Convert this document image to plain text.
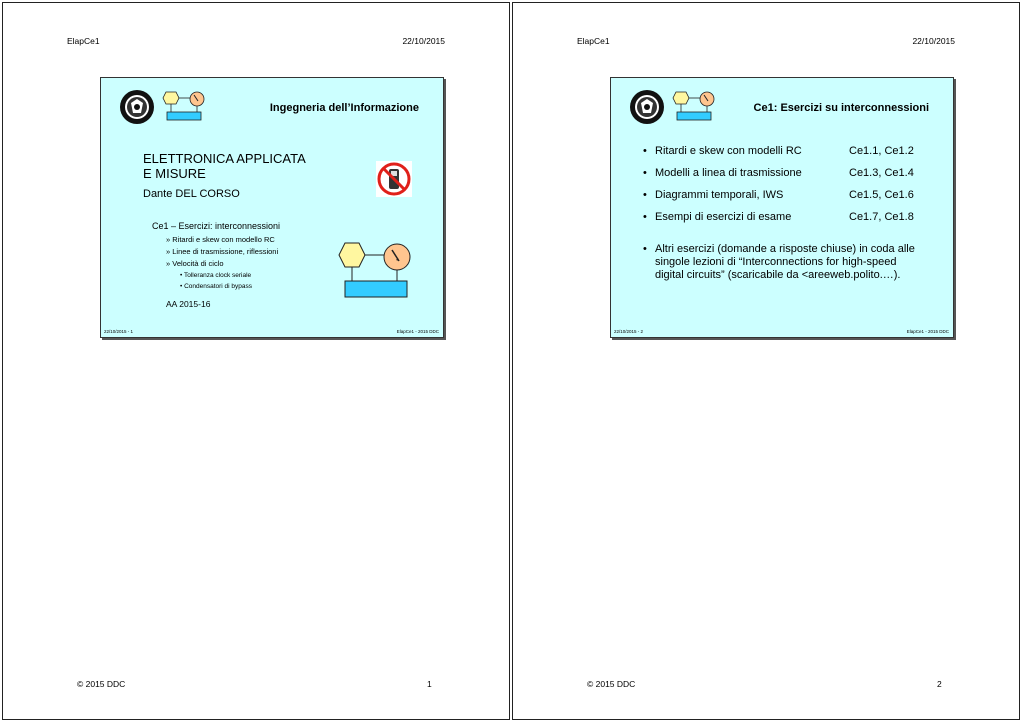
ElapCe1	22/10/2015
Ingegneria dell’Informazione
ELETTRONICA APPLICATA
E MISURE
Dante DEL CORSO
Ce1 – Esercizi: interconnessioni
» Ritardi e skew con modello RC
» Linee di trasmissione, riflessioni
» Velocità di ciclo
• Tolleranza clock seriale
• Condensatori di bypass
AA 2015-16
22/10/2015 - 1	ElapCe1 - 2015 DDC
© 2015 DDC	1
ElapCe1	22/10/2015
Ce1: Esercizi su interconnessioni
• Ritardi e skew con modelli RC	Ce1.1, Ce1.2
• Modelli a linea di trasmissione	Ce1.3, Ce1.4
• Diagrammi temporali, IWS	Ce1.5, Ce1.6
• Esempi di esercizi di esame	Ce1.7, Ce1.8
• Altri esercizi (domande a risposte chiuse) in coda alle
singole lezioni di “Interconnections for high-speed
digital circuits” (scaricabile da <areeweb.polito.…).
22/10/2015 - 2	ElapCe1 - 2015 DDC
© 2015 DDC	2
